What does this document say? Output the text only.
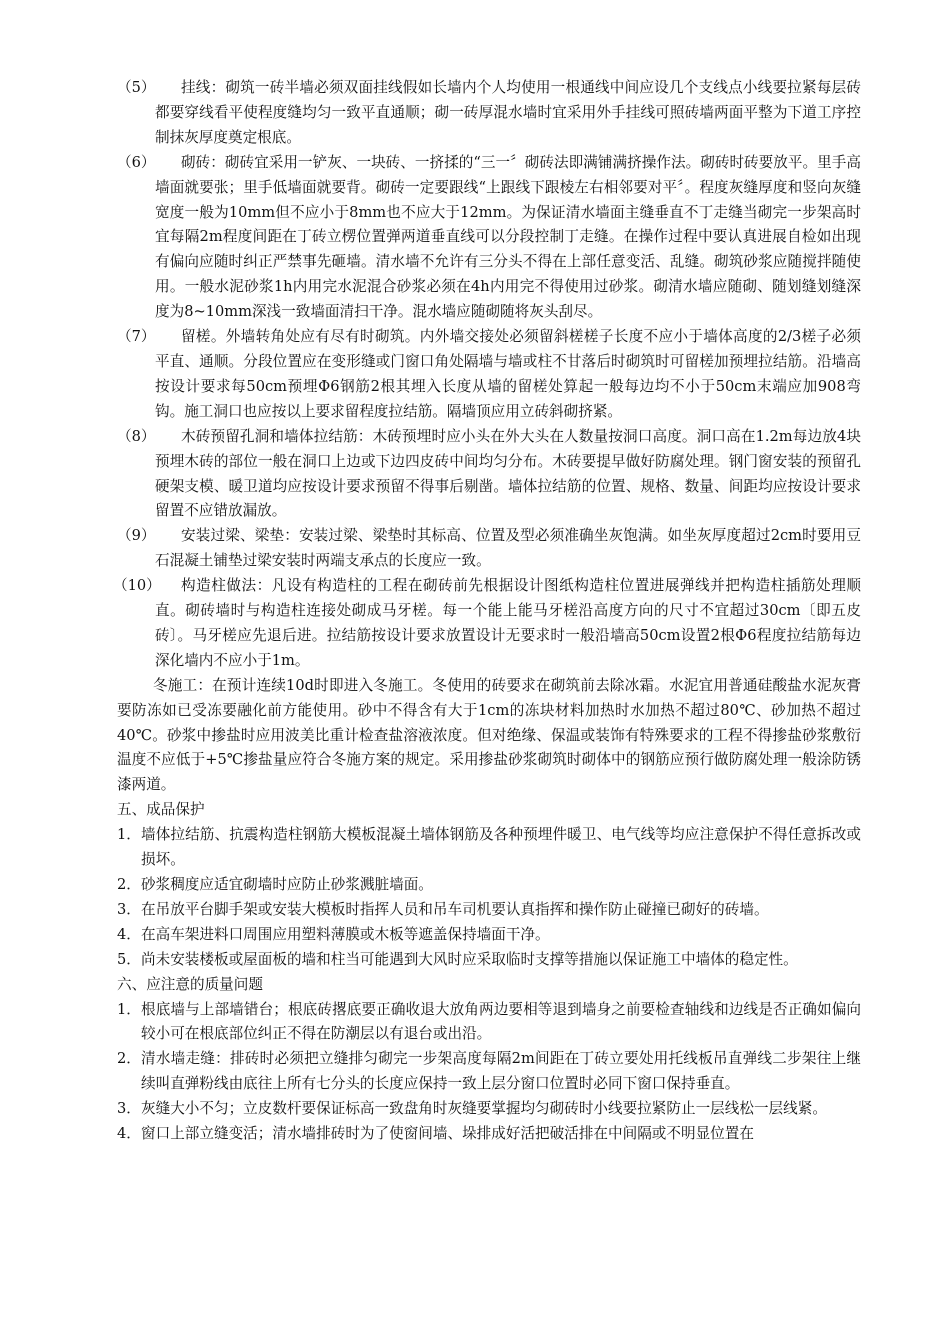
（5） 挂线：砌筑一砖半墙必须双面挂线假如长墙内个人均使用一根通线中间应设几个支线点小线要拉紧每层砖都要穿线看平使程度缝均匀一致平直通顺；砌一砖厚混水墙时宜采用外手挂线可照砖墙两面平整为下道工序控制抹灰厚度奠定根底。

（6） 砌砖：砌砖宜采用一铲灰、一块砖、一挤揉的“三一〞砌砖法即满铺满挤操作法。砌砖时砖要放平。里手高墙面就要张；里手低墙面就要背。砌砖一定要跟线“上跟线下跟棱左右相邻要对平〞。程度灰缝厚度和竖向灰缝宽度一般为10mm但不应小于8mm也不应大于12mm。为保证清水墙面主缝垂直不丁走缝当砌完一步架高时宜每隔2m程度间距在丁砖立楞位置弹两道垂直线可以分段控制丁走缝。在操作过程中要认真进展自检如出现有偏向应随时纠正严禁事先砸墙。清水墙不允许有三分头不得在上部任意变活、乱缝。砌筑砂浆应随搅拌随使用。一般水泥砂浆1h内用完水泥混合砂浆必须在4h内用完不得使用过砂浆。砌清水墙应随砌、随划缝划缝深度为8~10mm深浅一致墙面清扫干净。混水墙应随砌随将灰头刮尽。

（7） 留槎。外墙转角处应有尽有时砌筑。内外墙交接处必须留斜槎槎子长度不应小于墙体高度的2/3槎子必须平直、通顺。分段位置应在变形缝或门窗口角处隔墙与墙或柱不甘落后时砌筑时可留槎加预埋拉结筋。沿墙高按设计要求每50cm预埋Ф6钢筋2根其埋入长度从墙的留槎处算起一般每边均不小于50cm末端应加908弯钩。施工洞口也应按以上要求留程度拉结筋。隔墙顶应用立砖斜砌挤紧。

（8） 木砖预留孔洞和墙体拉结筋：木砖预埋时应小头在外大头在人数量按洞口高度。洞口高在1.2m每边放4块预埋木砖的部位一般在洞口上边或下边四皮砖中间均匀分布。木砖要提早做好防腐处理。钢门窗安装的预留孔硬架支模、暖卫道均应按设计要求预留不得事后剔凿。墙体拉结筋的位置、规格、数量、间距均应按设计要求留置不应错放漏放。

（9） 安装过梁、梁垫：安装过梁、梁垫时其标高、位置及型必须准确坐灰饱满。如坐灰厚度超过2cm时要用豆石混凝土铺垫过梁安装时两端支承点的长度应一致。

（10） 构造柱做法：凡设有构造柱的工程在砌砖前先根据设计图纸构造柱位置进展弹线并把构造柱插筋处理顺直。砌砖墙时与构造柱连接处砌成马牙槎。每一个能上能马牙槎沿高度方向的尺寸不宜超过30cm〔即五皮砖〕。马牙槎应先退后进。拉结筋按设计要求放置设计无要求时一般沿墙高50cm设置2根Ф6程度拉结筋每边深化墙内不应小于1m。

冬施工：在预计连续10d时即进入冬施工。冬使用的砖要求在砌筑前去除冰霜。水泥宜用普通硅酸盐水泥灰膏要防冻如已受冻要融化前方能使用。砂中不得含有大于1cm的冻块材料加热时水加热不超过80℃、砂加热不超过40℃。砂浆中掺盐时应用波美比重计检查盐溶液浓度。但对绝缘、保温或装饰有特殊要求的工程不得掺盐砂浆敷衍温度不应低于+5℃掺盐量应符合冬施方案的规定。采用掺盐砂浆砌筑时砌体中的钢筋应预行做防腐处理一般涂防锈漆两道。

五、成品保护

1． 墙体拉结筋、抗震构造柱钢筋大模板混凝土墙体钢筋及各种预埋件暖卫、电气线等均应注意保护不得任意拆改或损坏。

2． 砂浆稠度应适宜砌墙时应防止砂浆溅脏墙面。

3． 在吊放平台脚手架或安装大模板时指挥人员和吊车司机要认真指挥和操作防止碰撞已砌好的砖墙。

4． 在高车架进料口周围应用塑料薄膜或木板等遮盖保持墙面干净。

5． 尚未安装楼板或屋面板的墙和柱当可能遇到大风时应采取临时支撑等措施以保证施工中墙体的稳定性。

六、应注意的质量问题

1． 根底墙与上部墙错台；根底砖撂底要正确收退大放角两边要相等退到墙身之前要检查轴线和边线是否正确如偏向较小可在根底部位纠正不得在防潮层以有退台或出沿。

2． 清水墙走缝：排砖时必须把立缝排匀砌完一步架高度每隔2m间距在丁砖立要处用托线板吊直弹线二步架往上继续叫直弹粉线由底往上所有七分头的长度应保持一致上层分窗口位置时必同下窗口保持垂直。

3． 灰缝大小不匀；立皮数杆要保证标高一致盘角时灰缝要掌握均匀砌砖时小线要拉紧防止一层线松一层线紧。

4． 窗口上部立缝变活；清水墙排砖时为了使窗间墙、垛排成好活把破活排在中间隔或不明显位置在
